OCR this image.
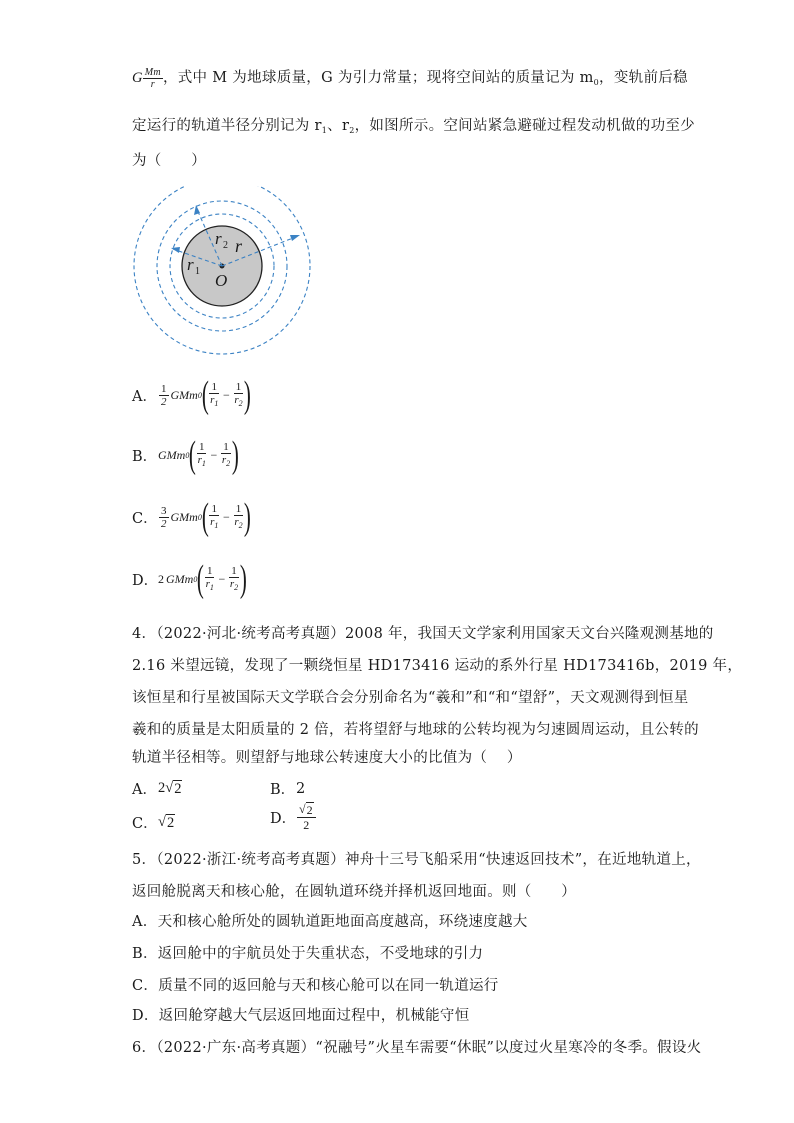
G $\frac{Mm}{r}$ ，式中 M 为地球质量，G 为引力常量；现将空间站的质量记为 $m_0$，变轨前后稳
定运行的轨道半径分别记为 $r_1$、$r_2$，如图所示。空间站紧急避碰过程发动机做的功至少
为（　　）
r 2 r
r 1 O
A． $\frac{1}{2}$ GMm 0 ( $\frac{1}{r_1} - \frac{1}{r_2}$ )
B． GMm 0 ( $\frac{1}{r_1} - \frac{1}{r_2}$ )
C． $\frac{3}{2}$ GMm 0 ( $\frac{1}{r_1} - \frac{1}{r_2}$ )
D． 2 GMm 0 ( $\frac{1}{r_1} - \frac{1}{r_2}$ )
4．（2022·河北·统考高考真题）2008 年，我国天文学家利用国家天文台兴隆观测基地的
2.16 米望远镜，发现了一颗绕恒星 HD173416 运动的系外行星 HD173416b，2019 年，
该恒星和行星被国际天文学联合会分别命名为“羲和”和“和“望舒”，天文观测得到恒星
羲和的质量是太阳质量的 2 倍，若将望舒与地球的公转均视为匀速圆周运动，且公转的
轨道半径相等。则望舒与地球公转速度大小的比值为（　 ）
A． 2√ 2	B． 2
C． √ 2	D． $\frac{√ 2}{2}$
5．（2022·浙江·统考高考真题）神舟十三号飞船采用“快速返回技术”，在近地轨道上，
返回舱脱离天和核心舱，在圆轨道环绕并择机返回地面。则（　　）
A．天和核心舱所处的圆轨道距地面高度越高，环绕速度越大
B．返回舱中的宇航员处于失重状态，不受地球的引力
C．质量不同的返回舱与天和核心舱可以在同一轨道运行
D．返回舱穿越大气层返回地面过程中，机械能守恒
6．（2022·广东·高考真题）“祝融号”火星车需要“休眠”以度过火星寒冷的冬季。假设火
